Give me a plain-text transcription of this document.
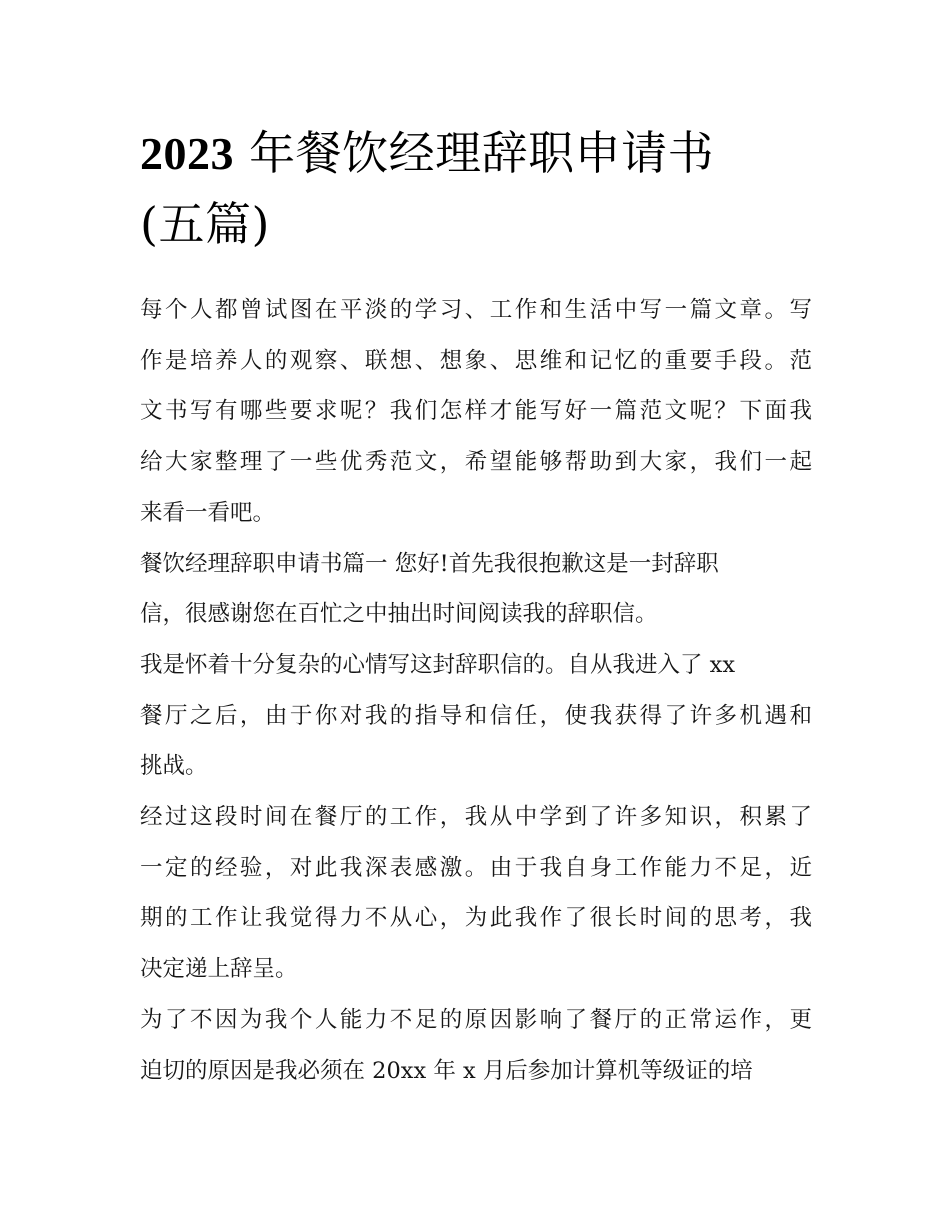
2023 年餐饮经理辞职申请书
(五篇)
每个人都曾试图在平淡的学习、工作和生活中写一篇文章。写
作是培养人的观察、联想、想象、思维和记忆的重要手段。范
文书写有哪些要求呢？我们怎样才能写好一篇范文呢？下面我
给大家整理了一些优秀范文，希望能够帮助到大家，我们一起
来看一看吧。
餐饮经理辞职申请书篇一 您好!首先我很抱歉这是一封辞职
信，很感谢您在百忙之中抽出时间阅读我的辞职信。
我是怀着十分复杂的心情写这封辞职信的。自从我进入了 xx
餐厅之后，由于你对我的指导和信任，使我获得了许多机遇和
挑战。
经过这段时间在餐厅的工作，我从中学到了许多知识，积累了
一定的经验，对此我深表感激。由于我自身工作能力不足，近
期的工作让我觉得力不从心，为此我作了很长时间的思考，我
决定递上辞呈。
为了不因为我个人能力不足的原因影响了餐厅的正常运作，更
迫切的原因是我必须在 20xx 年 x 月后参加计算机等级证的培
